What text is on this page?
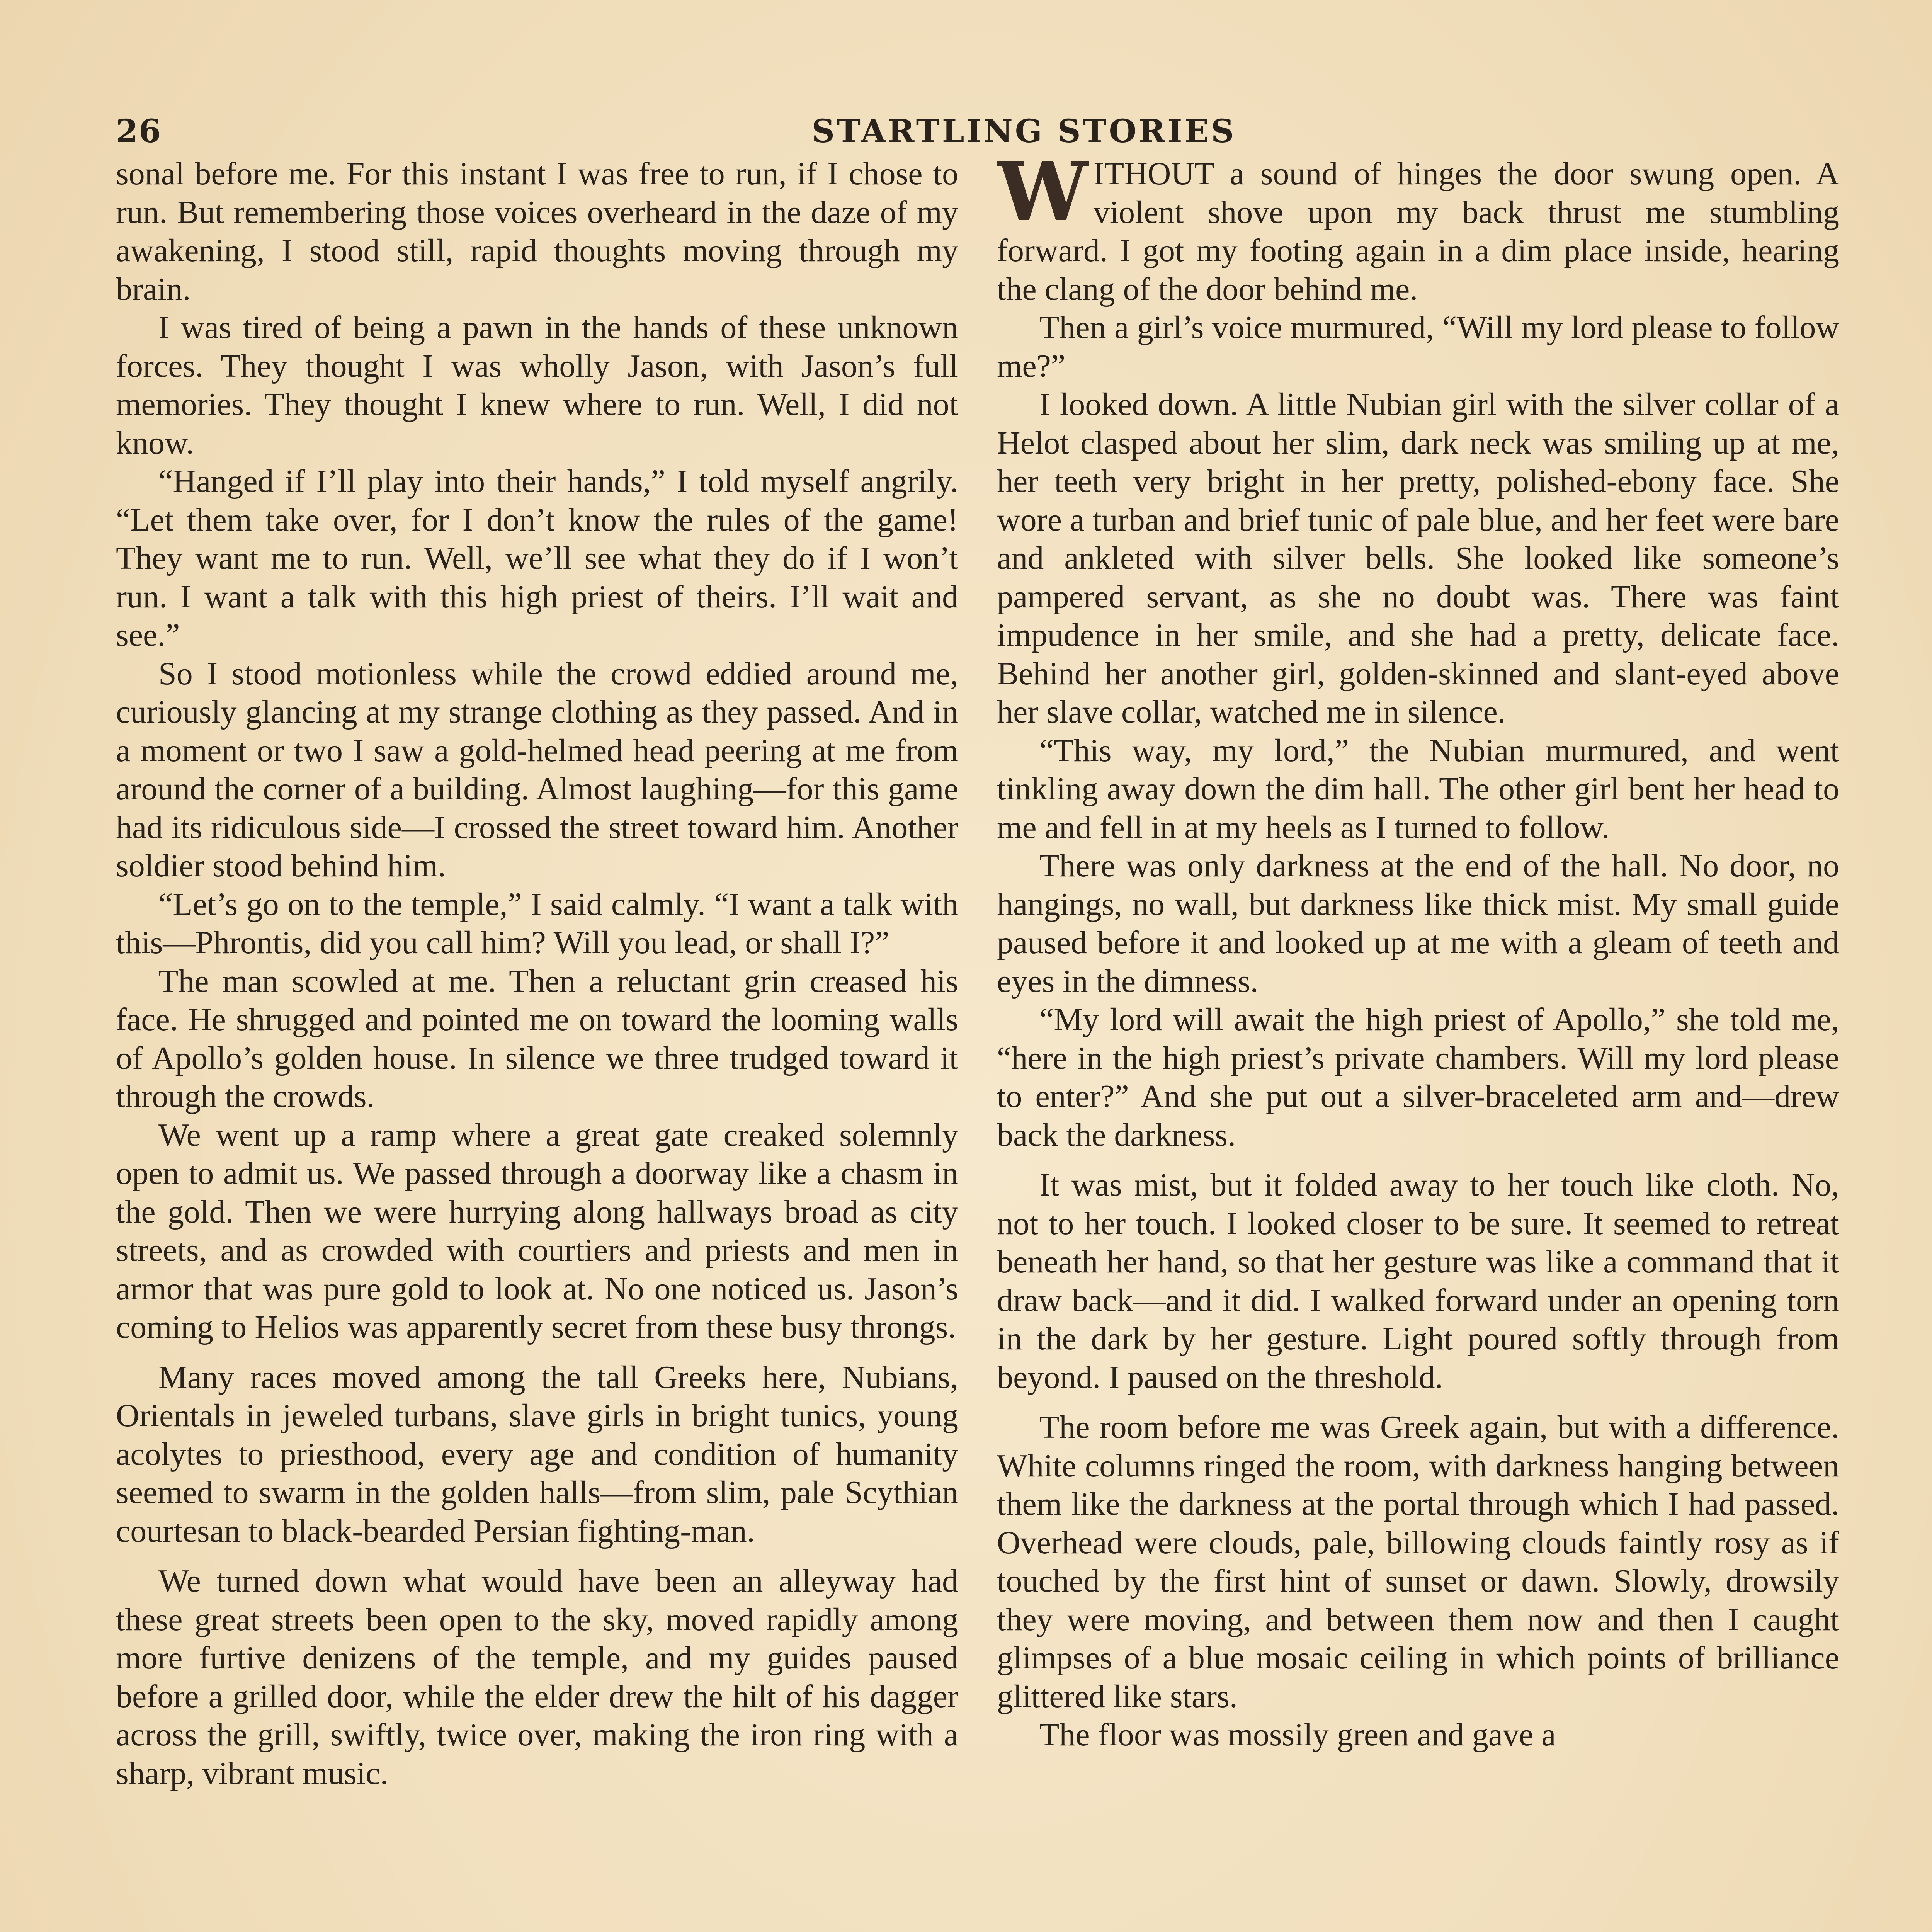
26	STARTLING STORIES

sonal before me. For this instant I was free to run, if I chose to run. But remembering those voices overheard in the daze of my awakening, I stood still, rapid thoughts moving through my brain.

I was tired of being a pawn in the hands of these unknown forces. They thought I was wholly Jason, with Jason’s full memories. They thought I knew where to run. Well, I did not know.

“Hanged if I’ll play into their hands,” I told myself angrily. “Let them take over, for I don’t know the rules of the game! They want me to run. Well, we’ll see what they do if I won’t run. I want a talk with this high priest of theirs. I’ll wait and see.”

So I stood motionless while the crowd eddied around me, curiously glancing at my strange clothing as they passed. And in a moment or two I saw a gold-helmed head peering at me from around the corner of a building. Almost laughing—for this game had its ridiculous side—I crossed the street toward him. Another soldier stood behind him.

“Let’s go on to the temple,” I said calmly. “I want a talk with this—Phrontis, did you call him? Will you lead, or shall I?”

The man scowled at me. Then a reluctant grin creased his face. He shrugged and pointed me on toward the looming walls of Apollo’s golden house. In silence we three trudged toward it through the crowds.

We went up a ramp where a great gate creaked solemnly open to admit us. We passed through a doorway like a chasm in the gold. Then we were hurrying along hallways broad as city streets, and as crowded with courtiers and priests and men in armor that was pure gold to look at. No one noticed us. Jason’s coming to Helios was apparently secret from these busy throngs.

Many races moved among the tall Greeks here, Nubians, Orientals in jeweled turbans, slave girls in bright tunics, young acolytes to priesthood, every age and condition of humanity seemed to swarm in the golden halls—from slim, pale Scythian courtesan to black-bearded Persian fighting-man.

We turned down what would have been an alleyway had these great streets been open to the sky, moved rapidly among more furtive denizens of the temple, and my guides paused before a grilled door, while the elder drew the hilt of his dagger across the grill, swiftly, twice over, making the iron ring with a sharp, vibrant music.

WITHOUT a sound of hinges the door swung open. A violent shove upon my back thrust me stumbling forward. I got my footing again in a dim place inside, hearing the clang of the door behind me.

Then a girl’s voice murmured, “Will my lord please to follow me?”

I looked down. A little Nubian girl with the silver collar of a Helot clasped about her slim, dark neck was smiling up at me, her teeth very bright in her pretty, polished-ebony face. She wore a turban and brief tunic of pale blue, and her feet were bare and ankleted with silver bells. She looked like someone’s pampered servant, as she no doubt was. There was faint impudence in her smile, and she had a pretty, delicate face. Behind her another girl, golden-skinned and slant-eyed above her slave collar, watched me in silence.

“This way, my lord,” the Nubian murmured, and went tinkling away down the dim hall. The other girl bent her head to me and fell in at my heels as I turned to follow.

There was only darkness at the end of the hall. No door, no hangings, no wall, but darkness like thick mist. My small guide paused before it and looked up at me with a gleam of teeth and eyes in the dimness.

“My lord will await the high priest of Apollo,” she told me, “here in the high priest’s private chambers. Will my lord please to enter?” And she put out a silver-braceleted arm and—drew back the darkness.

It was mist, but it folded away to her touch like cloth. No, not to her touch. I looked closer to be sure. It seemed to retreat beneath her hand, so that her gesture was like a command that it draw back—and it did. I walked forward under an opening torn in the dark by her gesture. Light poured softly through from beyond. I paused on the threshold.

The room before me was Greek again, but with a difference. White columns ringed the room, with darkness hanging between them like the darkness at the portal through which I had passed. Overhead were clouds, pale, billowing clouds faintly rosy as if touched by the first hint of sunset or dawn. Slowly, drowsily they were moving, and between them now and then I caught glimpses of a blue mosaic ceiling in which points of brilliance glittered like stars.

The floor was mossily green and gave a
